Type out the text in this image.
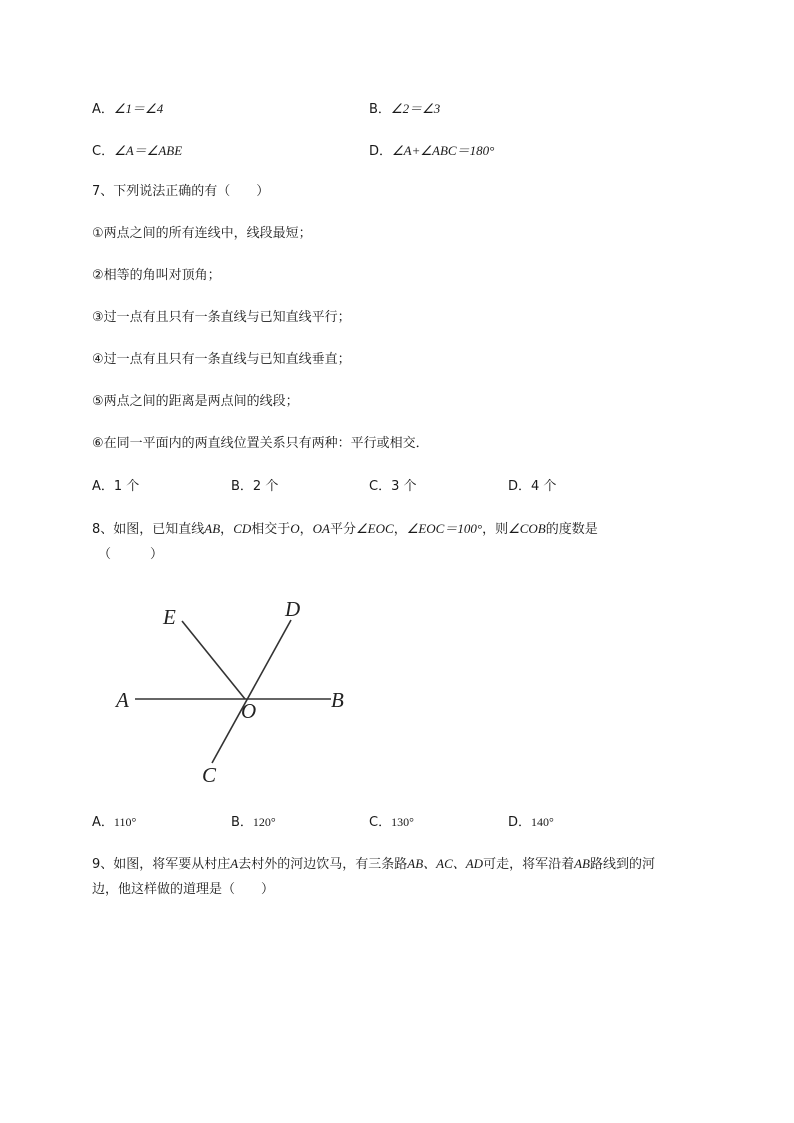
A．∠1＝∠4	B．∠2＝∠3
C．∠A＝∠ABE	D．∠A+∠ABC＝180°
7、下列说法正确的有（　　）
①两点之间的所有连线中，线段最短；
②相等的角叫对顶角；
③过一点有且只有一条直线与已知直线平行；
④过一点有且只有一条直线与已知直线垂直；
⑤两点之间的距离是两点间的线段；
⑥在同一平面内的两直线位置关系只有两种：平行或相交．
A．1 个	B．2 个	C．3 个	D．4 个
8、如图，已知直线AB，CD相交于O，OA平分∠EOC，∠EOC＝100°，则∠COB的度数是
（　　　）
E	D
A	O	B
C
A．110°	B．120°	C．130°	D．140°
9、如图，将军要从村庄A去村外的河边饮马，有三条路AB、AC、AD可走，将军沿着AB路线到的河
边，他这样做的道理是（　　）
